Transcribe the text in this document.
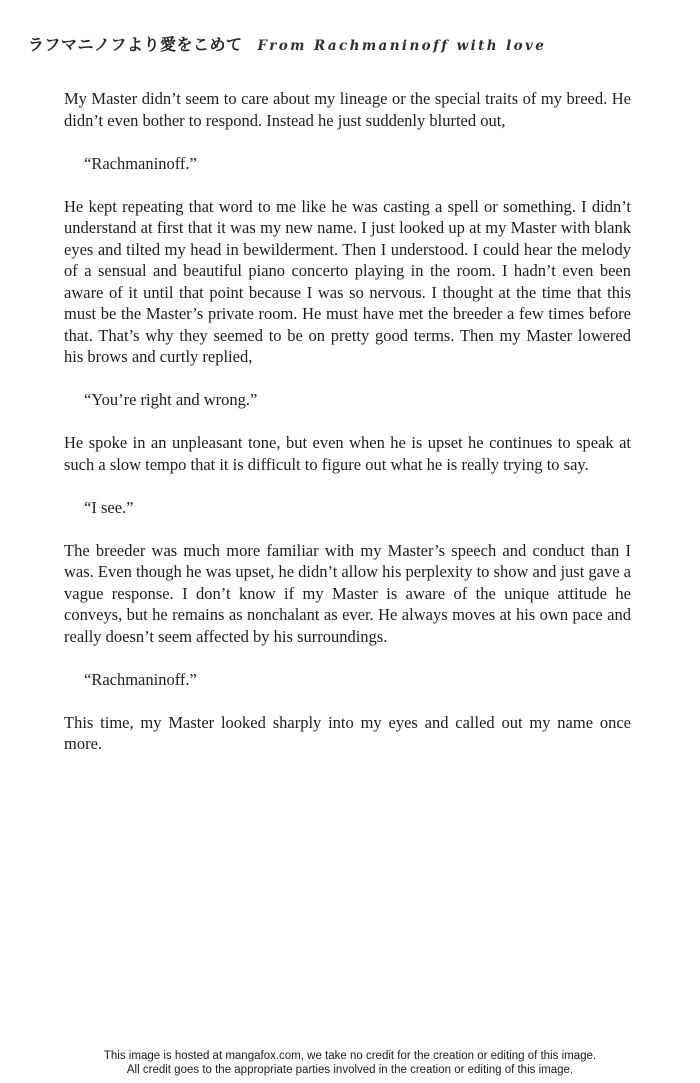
ラフマニノフより愛をこめて From Rachmaninoff with love

My Master didn’t seem to care about my lineage or the special traits of my breed. He didn’t even bother to respond. Instead he just suddenly blurted out,

“Rachmaninoff.”

He kept repeating that word to me like he was casting a spell or something. I didn’t understand at first that it was my new name. I just looked up at my Master with blank eyes and tilted my head in bewilderment. Then I understood. I could hear the melody of a sensual and beautiful piano concerto playing in the room. I hadn’t even been aware of it until that point because I was so nervous. I thought at the time that this must be the Master’s private room. He must have met the breeder a few times before that. That’s why they seemed to be on pretty good terms. Then my Master lowered his brows and curtly replied,

“You’re right and wrong.”

He spoke in an unpleasant tone, but even when he is upset he continues to speak at such a slow tempo that it is difficult to figure out what he is really trying to say.

“I see.”

The breeder was much more familiar with my Master’s speech and conduct than I was. Even though he was upset, he didn’t allow his perplexity to show and just gave a vague response. I don’t know if my Master is aware of the unique attitude he conveys, but he remains as nonchalant as ever. He always moves at his own pace and really doesn’t seem affected by his surroundings.

“Rachmaninoff.”

This time, my Master looked sharply into my eyes and called out my name once more.

This image is hosted at mangafox.com, we take no credit for the creation or editing of this image.
All credit goes to the appropriate parties involved in the creation or editing of this image.
